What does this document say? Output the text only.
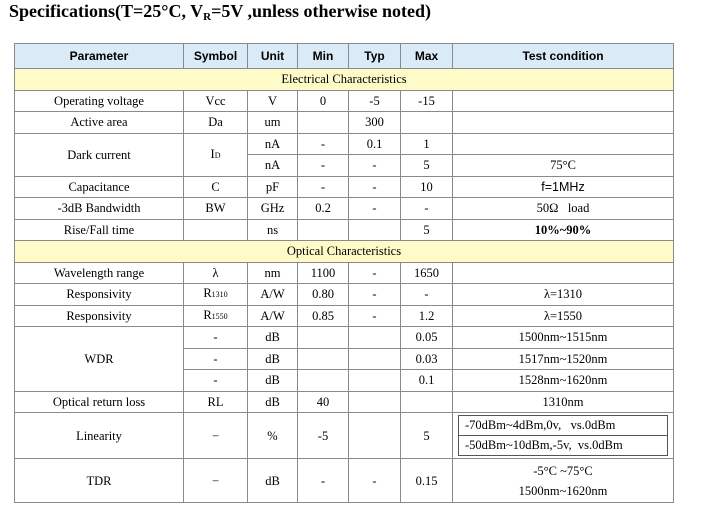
Specifications(T=25°C, $V_R=5V$ ,unless otherwise noted)
Parameter	Symbol	Unit	Min	Typ	Max	Test condition
Electrical Characteristics						
Operating voltage	Vcc	V	0	-5	-15	
Active area	Da	um		300		
Dark current	ID	nA	-	0.1	1	
		nA	-	-	5	75°C
Capacitance	C	pF	-	-	10	f=1MHz
-3dB Bandwidth	BW	GHz	0.2	-	-	50Ω   load
Rise/Fall time		ns			5	10%~90%
Optical Characteristics						
Wavelength range	λ	nm	1100	-	1650	
Responsivity	R1310	A/W	0.80	-	-	λ=1310
Responsivity	R1550	A/W	0.85	-	1.2	λ=1550
WDR	-	dB			0.05	1500nm~1515nm
	-	dB			0.03	1517nm~1520nm
	-	dB			0.1	1528nm~1620nm
Optical return loss	RL	dB	40			1310nm
Linearity	−	%	-5		5	-70dBm~4dBm,0v,   vs.0dBm
-50dBm~10dBm,-5v,  vs.0dBm

TDR	−	dB	-	-	0.15	-5°C ~75°C
1500nm~1620nm
